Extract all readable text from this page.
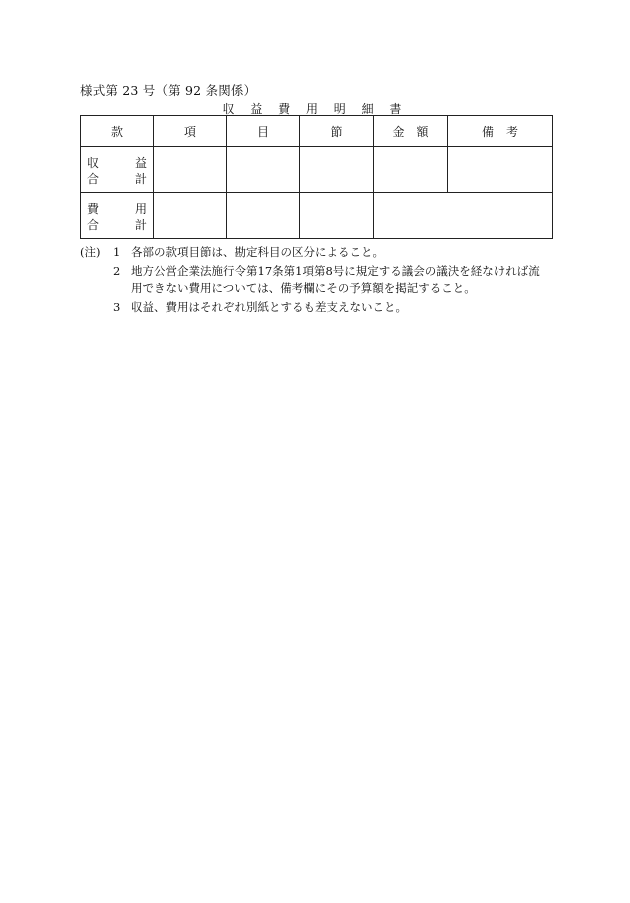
様式第 23 号（第 92 条関係）
収 益 費 用 明 細 書
款	項	目	節	金　額	備　考

収 益
合 計					

費 用
合 計					

(注)	1 各部の款項目節は、勘定科目の区分によること。
2 地方公営企業法施行令第17条第1項第8号に規定する議会の議決を経なければ流
用できない費用については、備考欄にその予算額を掲記すること。
3 収益、費用はそれぞれ別紙とするも差支えないこと。
